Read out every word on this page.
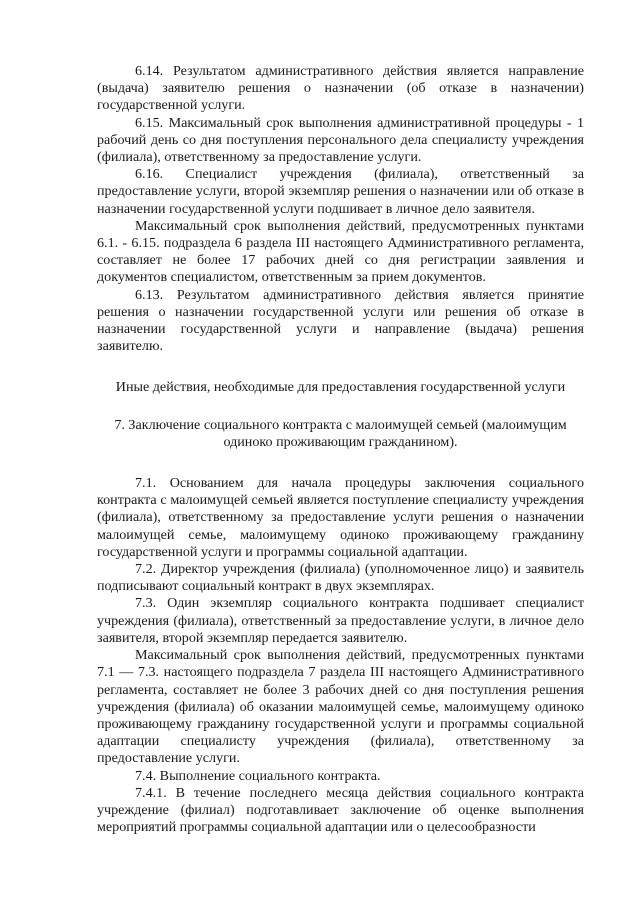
6.14. Результатом административного действия является направление (выдача) заявителю решения о назначении (об отказе в назначении) государственной услуги.

6.15. Максимальный срок выполнения административной процедуры - 1 рабочий день со дня поступления персонального дела специалисту учреждения (филиала), ответственному за предоставление услуги.

6.16. Специалист учреждения (филиала), ответственный за предоставление услуги, второй экземпляр решения о назначении или об отказе в назначении государственной услуги подшивает в личное дело заявителя.

Максимальный срок выполнения действий, предусмотренных пунктами 6.1. - 6.15. подраздела 6 раздела III настоящего Административного регламента, составляет не более 17 рабочих дней со дня регистрации заявления и документов специалистом, ответственным за прием документов.

6.13. Результатом административного действия является принятие решения о назначении государственной услуги или решения об отказе в назначении государственной услуги и направление (выдача) решения заявителю.

Иные действия, необходимые для предоставления государственной услуги

7. Заключение социального контракта с малоимущей семьей (малоимущим

одиноко проживающим гражданином).

7.1. Основанием для начала процедуры заключения социального контракта с малоимущей семьей является поступление специалисту учреждения (филиала), ответственному за предоставление услуги решения о назначении малоимущей семье, малоимущему одиноко проживающему гражданину государственной услуги и программы социальной адаптации.

7.2. Директор учреждения (филиала) (уполномоченное лицо) и заявитель подписывают социальный контракт в двух экземплярах.

7.3. Один экземпляр социального контракта подшивает специалист учреждения (филиала), ответственный за предоставление услуги, в личное дело заявителя, второй экземпляр передается заявителю.

Максимальный срок выполнения действий, предусмотренных пунктами 7.1 — 7.3. настоящего подраздела 7 раздела III настоящего Административного регламента, составляет не более 3 рабочих дней со дня поступления решения учреждения (филиала) об оказании малоимущей семье, малоимущему одиноко проживающему гражданину государственной услуги и программы социальной адаптации специалисту учреждения (филиала), ответственному за предоставление услуги.

7.4. Выполнение социального контракта.

7.4.1. В течение последнего месяца действия социального контракта учреждение (филиал) подготавливает заключение об оценке выполнения мероприятий программы социальной адаптации или о целесообразности
